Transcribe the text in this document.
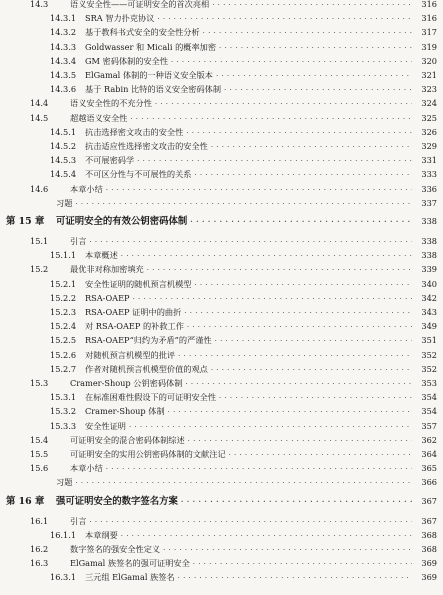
14.3	语义安全性——可证明安全的首次亮相 · · ·	316
14.3.1	SRA 智力扑克协议 · · ·	316
14.3.2	基于教科书式安全的安全性分析 · · ·	317
14.3.3	Goldwasser 和 Micali 的概率加密 · · ·	319
14.3.4	GM 密码体制的安全性 · · ·	320
14.3.5	ElGamal 体制的一种语义安全版本 · · ·	321
14.3.6	基于 Rabin 比特的语义安全密码体制 · · ·	323
14.4	语义安全性的不充分性 · · ·	324
14.5	超越语义安全性 · · ·	325
14.5.1	抗击选择密文攻击的安全性 · · ·	326
14.5.2	抗击适应性选择密文攻击的安全性 · · ·	329
14.5.3	不可展密码学 · · ·	331
14.5.4	不可区分性与不可展性的关系 · · ·	333
14.6	本章小结 · · ·	336
习题 · · ·	337
第 15 章	可证明安全的有效公钥密码体制 · · ·	338
15.1	引言 · · ·	338
15.1.1	本章概述 · · ·	338
15.2	最优非对称加密填充 · · ·	339
15.2.1	安全性证明的随机预言机模型 · · ·	340
15.2.2	RSA-OAEP · · ·	342
15.2.3	RSA-OAEP 证明中的曲折 · · ·	343
15.2.4	对 RSA-OAEP 的补救工作 · · ·	349
15.2.5	RSA-OAEP“归约为矛盾”的严谨性 · · ·	351
15.2.6	对随机预言机模型的批评 · · ·	352
15.2.7	作者对随机预言机模型价值的观点 · · ·	352
15.3	Cramer-Shoup 公钥密码体制 · · ·	353
15.3.1	在标准困难性假设下的可证明安全性 · · ·	354
15.3.2	Cramer-Shoup 体制 · · ·	354
15.3.3	安全性证明 · · ·	357
15.4	可证明安全的混合密码体制综述 · · ·	362
15.5	可证明安全的实用公钥密码体制的文献注记 · · ·	364
15.6	本章小结 · · ·	365
习题 · · ·	366
第 16 章	强可证明安全的数字签名方案 · · ·	367
16.1	引言 · · ·	367
16.1.1	本章纲要 · · ·	368
16.2	数字签名的强安全性定义 · · ·	368
16.3	ElGamal 族签名的强可证明安全 · · ·	369
16.3.1	三元组 ElGamal 族签名 · · ·	369
